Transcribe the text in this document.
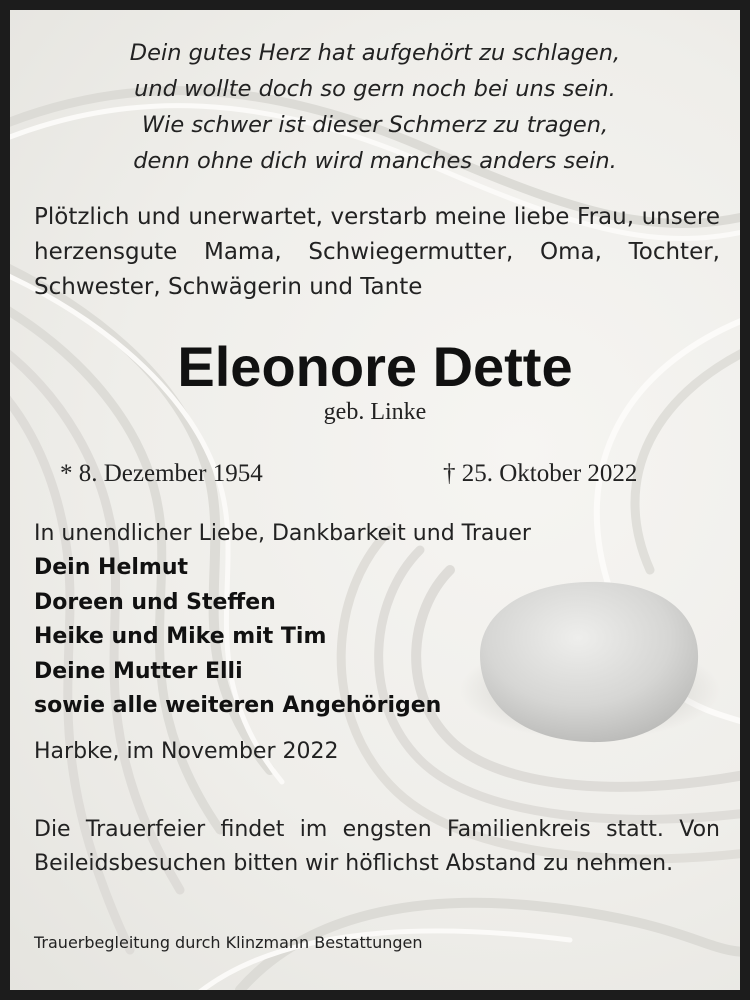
Dein gutes Herz hat aufgehört zu schlagen,
und wollte doch so gern noch bei uns sein.
Wie schwer ist dieser Schmerz zu tragen,
denn ohne dich wird manches anders sein.
Plötzlich und unerwartet, verstarb meine liebe Frau, unsere herzensgute Mama, Schwiegermutter, Oma, Tochter, Schwester, Schwägerin und Tante
Eleonore Dette
geb. Linke
* 8. Dezember 1954	† 25. Oktober 2022
In unendlicher Liebe, Dankbarkeit und Trauer
Dein Helmut
Doreen und Steffen
Heike und Mike mit Tim
Deine Mutter Elli
sowie alle weiteren Angehörigen
Harbke, im November 2022
Die Trauerfeier findet im engsten Familienkreis statt. Von Beileidsbesuchen bitten wir höflichst Abstand zu nehmen.
Trauerbegleitung durch Klinzmann Bestattungen
